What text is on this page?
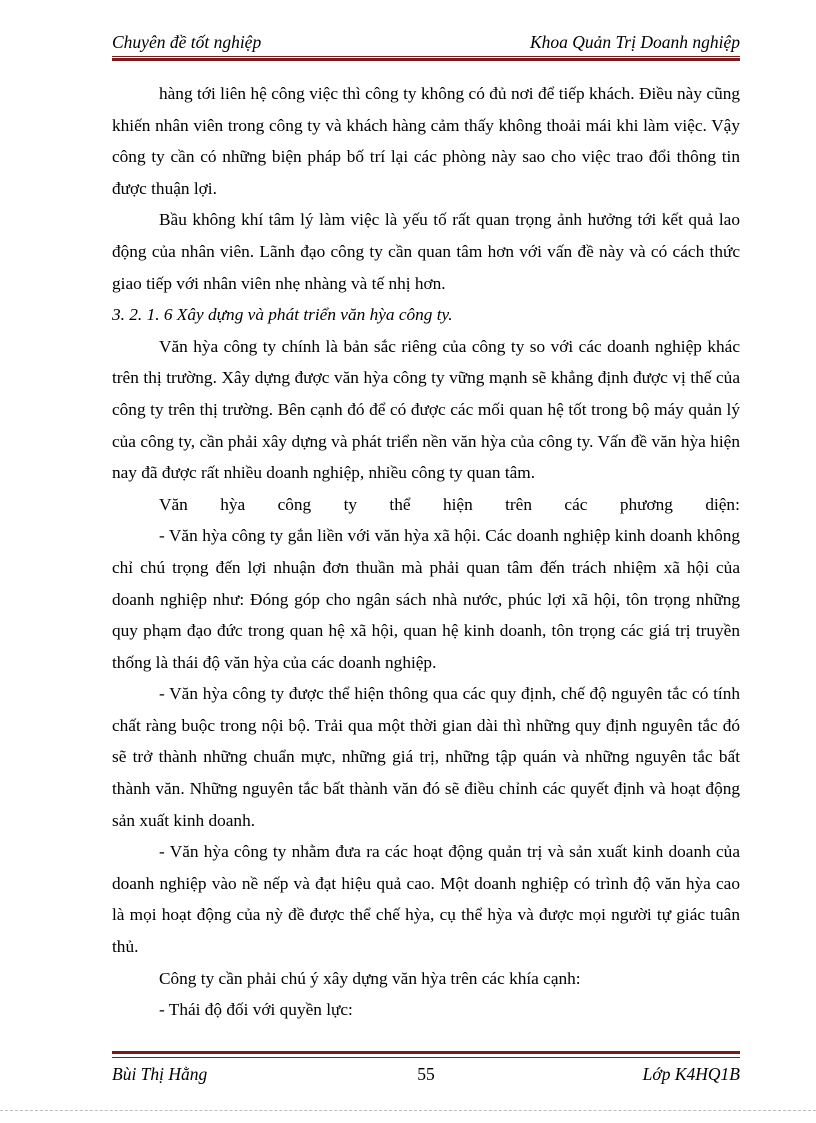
Chuyên đề tốt nghiệp	Khoa Quản Trị Doanh nghiệp

hàng tới liên hệ công việc thì công ty không có đủ nơi để tiếp khách. Điều này cũng khiến nhân viên trong công ty và khách hàng cảm thấy không thoải mái khi làm việc. Vậy công ty cần có những biện pháp bố trí lại các phòng này sao cho việc trao đổi thông tin được thuận lợi.

Bầu không khí tâm lý làm việc là yếu tố rất quan trọng ảnh hưởng tới kết quả lao động của nhân viên. Lãnh đạo công ty cần quan tâm hơn với vấn đề này và có cách thức giao tiếp với nhân viên nhẹ nhàng và tế nhị hơn.

3. 2. 1. 6 Xây dựng và phát triển văn hỳa công ty.

Văn hỳa công ty chính là bản sắc riêng của công ty so với các doanh nghiệp khác trên thị trường. Xây dựng được văn hỳa công ty vững mạnh sẽ khẳng định được vị thế của công ty trên thị trường. Bên cạnh đó để có được các mối quan hệ tốt trong bộ máy quản lý của công ty, cần phải xây dựng và phát triển nền văn hỳa của công ty. Vấn đề văn hỳa hiện nay đã được rất nhiều doanh nghiệp, nhiều công ty quan tâm.

Văn hỳa công ty thể hiện trên các phương diện:

- Văn hỳa công ty gắn liền với văn hỳa xã hội. Các doanh nghiệp kinh doanh không chỉ chú trọng đến lợi nhuận đơn thuần mà phải quan tâm đến trách nhiệm xã hội của doanh nghiệp như: Đóng góp cho ngân sách nhà nước, phúc lợi xã hội, tôn trọng những quy phạm đạo đức trong quan hệ xã hội, quan hệ kinh doanh, tôn trọng các giá trị truyền thống là thái độ văn hỳa của các doanh nghiệp.

- Văn hỳa công ty được thể hiện thông qua các quy định, chế độ nguyên tắc có tính chất ràng buộc trong nội bộ. Trải qua một thời gian dài thì những quy định nguyên tắc đó sẽ trở thành những chuẩn mực, những giá trị, những tập quán và những nguyên tắc bất thành văn. Những nguyên tắc bất thành văn đó sẽ điều chỉnh các quyết định và hoạt động sản xuất kinh doanh.

- Văn hỳa công ty nhằm đưa ra các hoạt động quản trị và sản xuất kinh doanh của doanh nghiệp vào nề nếp và đạt hiệu quả cao. Một doanh nghiệp có trình độ văn hỳa cao là mọi hoạt động của nỳ đề được thể chế hỳa, cụ thể hỳa và được mọi người tự giác tuân thủ.

Công ty cần phải chú ý xây dựng văn hỳa trên các khía cạnh:

- Thái độ đối với quyền lực:

Bùi Thị Hằng	55	Lớp K4HQ1B
